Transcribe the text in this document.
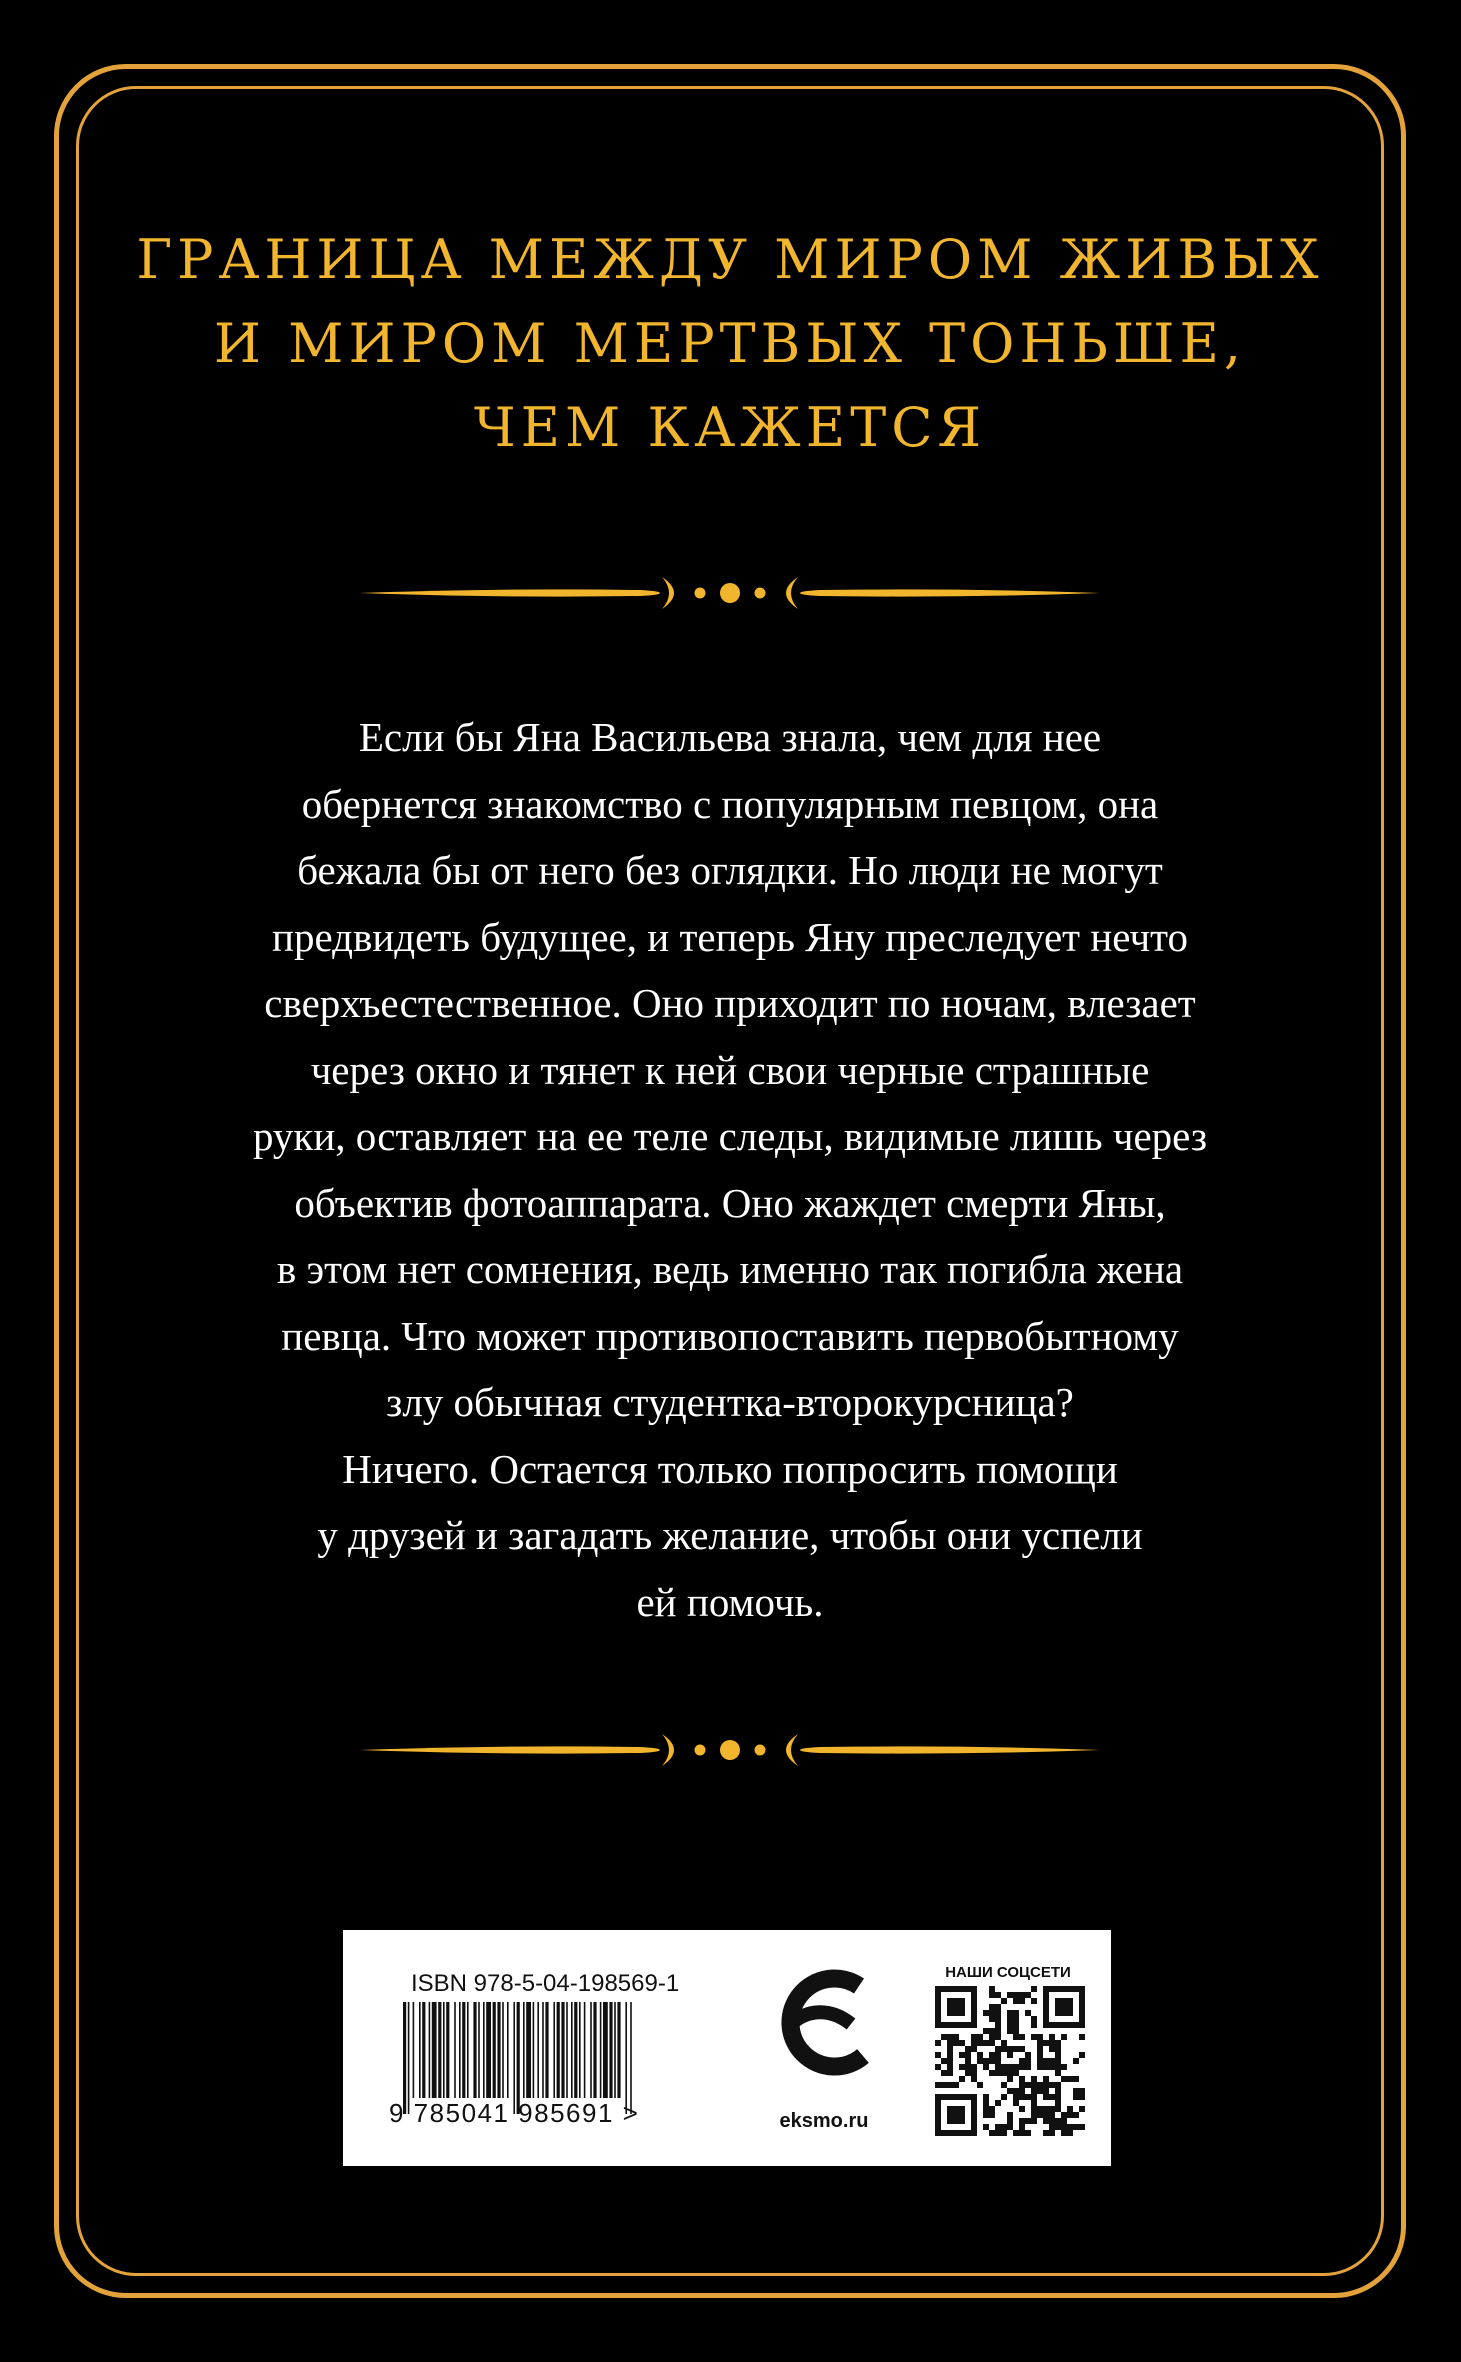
ГРАНИЦА МЕЖДУ МИРОМ ЖИВЫХ
И МИРОМ МЕРТВЫХ ТОНЬШЕ,
ЧЕМ КАЖЕТСЯ
Если бы Яна Васильева знала, чем для нее
обернется знакомство с популярным певцом, она
бежала бы от него без оглядки. Но люди не могут
предвидеть будущее, и теперь Яну преследует нечто
сверхъестественное. Оно приходит по ночам, влезает
через окно и тянет к ней свои черные страшные
руки, оставляет на ее теле следы, видимые лишь через
объектив фотоаппарата. Оно жаждет смерти Яны,
в этом нет сомнения, ведь именно так погибла жена
певца. Что может противопоставить первобытному
злу обычная студентка-второкурсница?
Ничего. Остается только попросить помощи
у друзей и загадать желание, чтобы они успели
ей помочь.
ISBN 978-5-04-198569-1
9 785041 985691 >	eksmo.ru
НАШИ СОЦСЕТИ
